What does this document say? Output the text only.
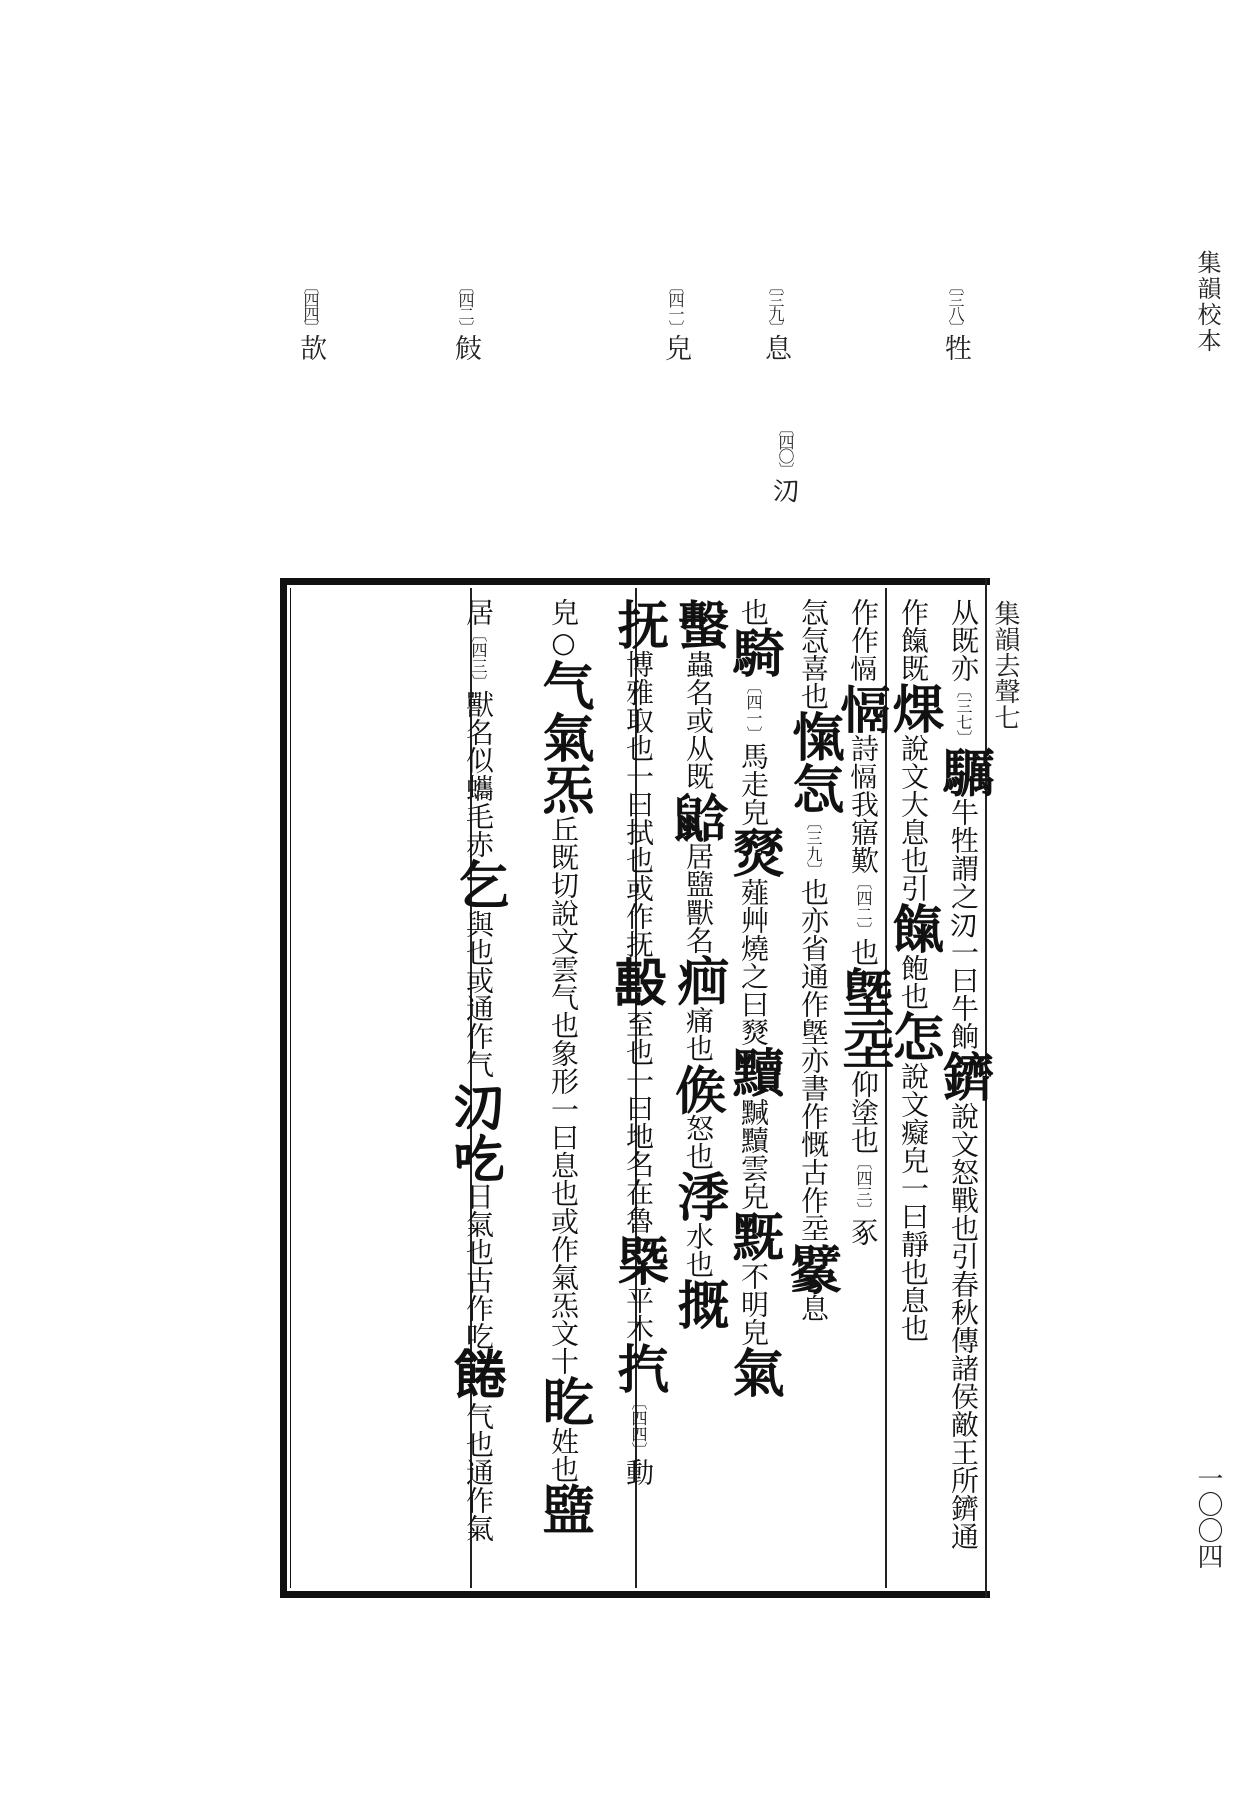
集韻校本
一〇〇四
〔三八〕牲
〔三九〕息
〔四〇〕𣱼
〔四一〕皃
〔四二〕㩻
〔四四〕欯
集韻去聲七
从既亦〔三七〕𩧃牛牲謂之𣱼一曰牛餉鑇說文怒戰也引春秋傳諸侯敵王所鑇通
作餼既㷄說文大息也引餼飽也怎說文癡皃一曰靜也息也
作作𢡍𢡍詩𢡍我寤歎〔四二〕也墍坖仰塗也〔四三〕豖
忥忥喜也愾忥〔三九〕也亦省通作墍亦書作慨古作坖𧲜息
也騎〔四一〕馬走皃燹薤艸燒之曰燹黷黬黷雲皃黖不明皃氣
蟿蟲名或从既𪕛居盬獸名㾎痛也𠊱怒也㳵水也摡
抚博雅取也一曰拭也或作抚𣪠至也一曰地名在魯槩平木㧉〔四四〕動
皃○气氣炁丘既切說文雲气也象形一曰息也或作氣炁文十盵姓也盬
居〔四三〕獸名似蠵毛赤乞與也或通作气𣱼吃日氣也古作吃𩜇气也通作氣
